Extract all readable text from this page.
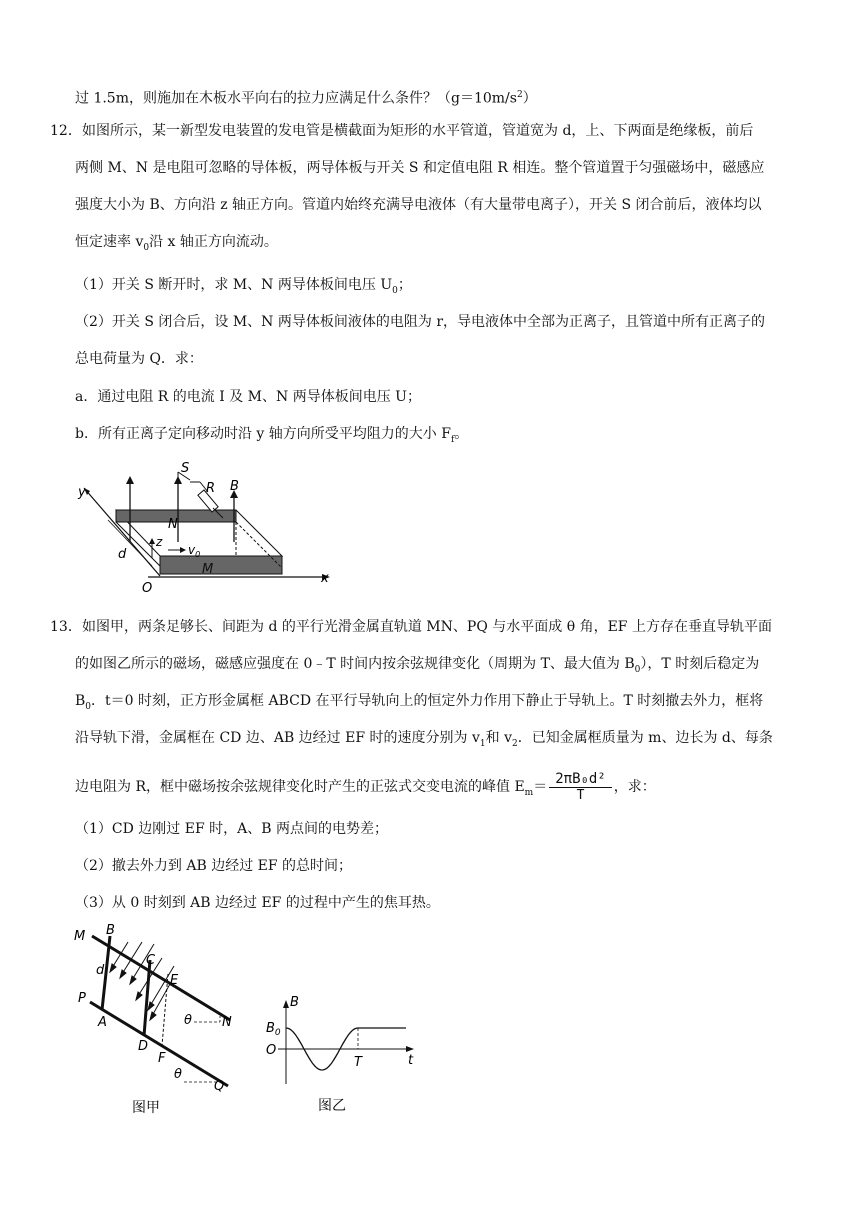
过 1.5m，则施加在木板水平向右的拉力应满足什么条件？$(g=10m/s^2)$
12． 如图所示，某一新型发电装置的发电管是横截面为矩形的水平管道，管道宽为 d，上、下两面是绝缘板，前后
两侧 M、N 是电阻可忽略的导体板，两导体板与开关 S 和定值电阻 R 相连。整个管道置于匀强磁场中，磁感应
强度大小为 B、方向沿 z 轴正方向。管道内始终充满导电液体（有大量带电离子），开关 S 闭合前后，液体均以
恒定速率 $v_0$沿 x 轴正方向流动。
（1）开关 S 断开时，求 M、N 两导体板间电压 $U_0$；
（2）开关 S 闭合后，设 M、N 两导体板间液体的电阻为 r，导电液体中全部为正离子，且管道中所有正离子的
总电荷量为 Q．求：
a．通过电阻 R 的电流 I 及 M、N 两导体板间电压 U；
b．所有正离子定向移动时沿 y 轴方向所受平均阻力的大小 $F_f$。
y
x
O
N
M
B
S
R
z
$v_0$
d
13． 如图甲，两条足够长、间距为 d 的平行光滑金属直轨道 MN、PQ 与水平面成 θ 角，EF 上方存在垂直导轨平面
的如图乙所示的磁场，磁感应强度在 0﹣T 时间内按余弦规律变化（周期为 T、最大值为 $B_0$），T 时刻后稳定为
$B_0$．t＝0 时刻，正方形金属框 ABCD 在平行导轨向上的恒定外力作用下静止于导轨上。T 时刻撤去外力，框将
沿导轨下滑，金属框在 CD 边、AB 边经过 EF 时的速度分别为 $v_1$和 $v_2$．已知金属框质量为 m、边长为 d、每条
边电阻为 R，框中磁场按余弦规律变化时产生的正弦式交变电流的峰值 $E_m= \frac{\text{2πB₀d²}}{T}$ ，求：
（1）CD 边刚过 EF 时，A、B 两点间的电势差；
（2）撤去外力到 AB 边经过 EF 的总时间；
（3）从 0 时刻到 AB 边经过 EF 的过程中产生的焦耳热。
M B
d
C
E
P
A	θ N
D
F
θ
Q
图甲
B
$B_0$
O
T	t
图乙
